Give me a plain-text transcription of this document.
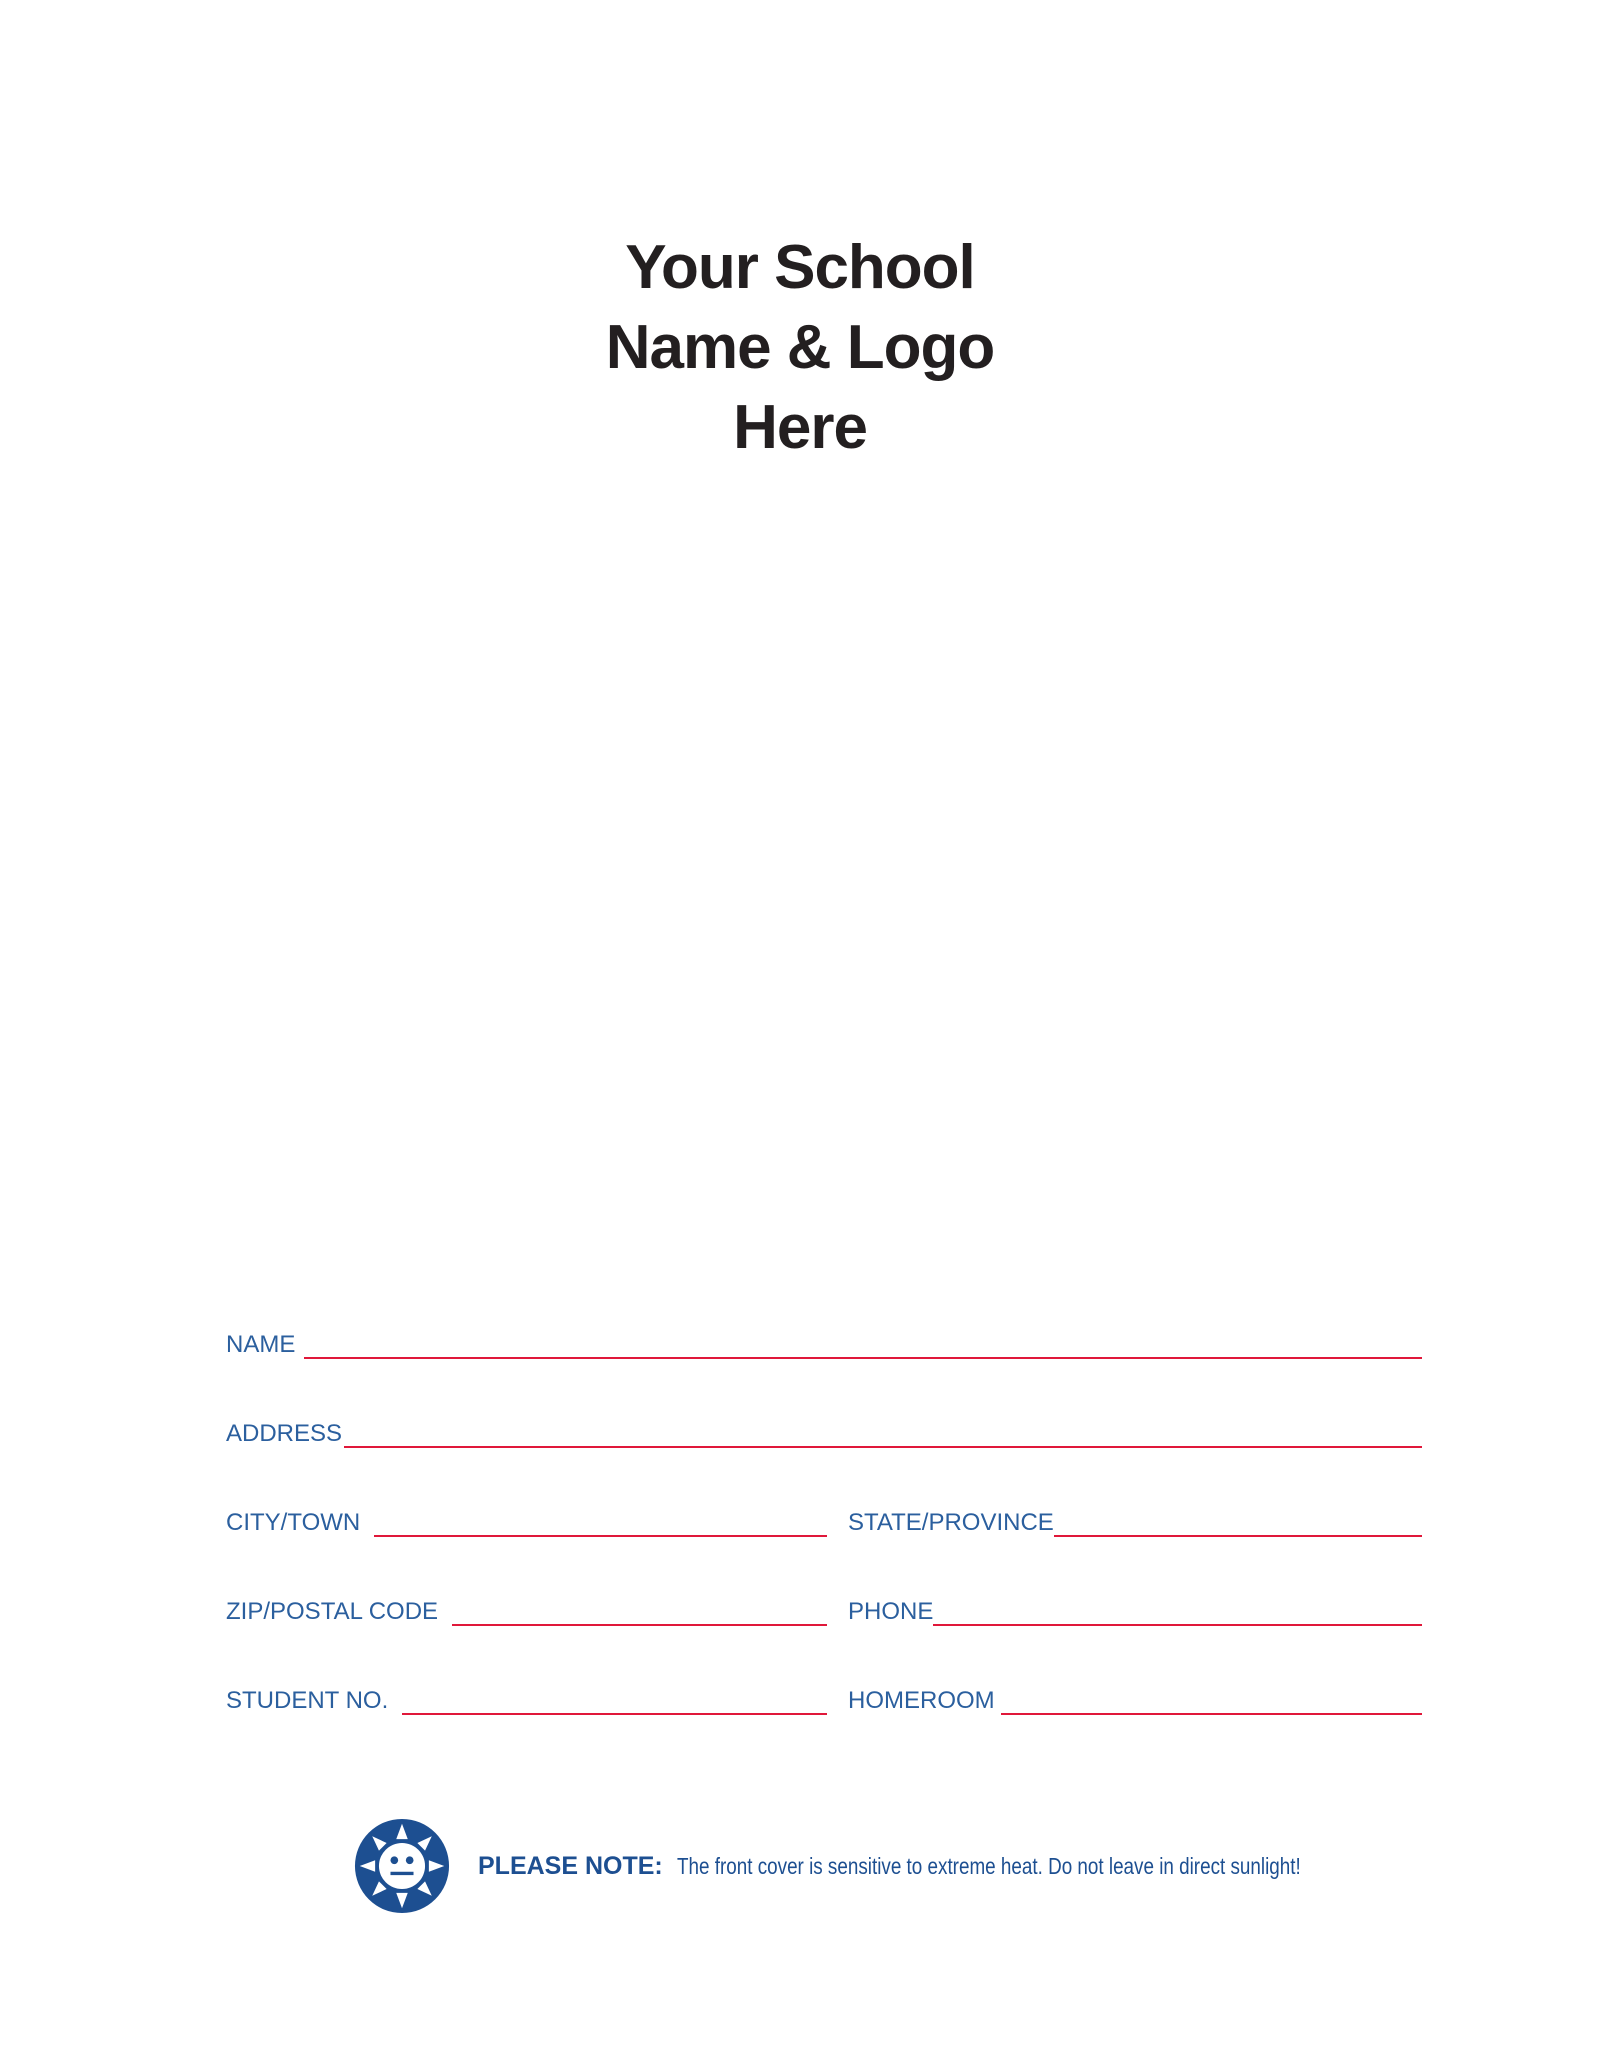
Your School
Name & Logo
Here
NAME
ADDRESS
CITY/TOWN	STATE/PROVINCE
ZIP/POSTAL CODE	PHONE
STUDENT NO.	HOMEROOM
PLEASE NOTE: The front cover is sensitive to extreme heat. Do not leave in direct sunlight!
